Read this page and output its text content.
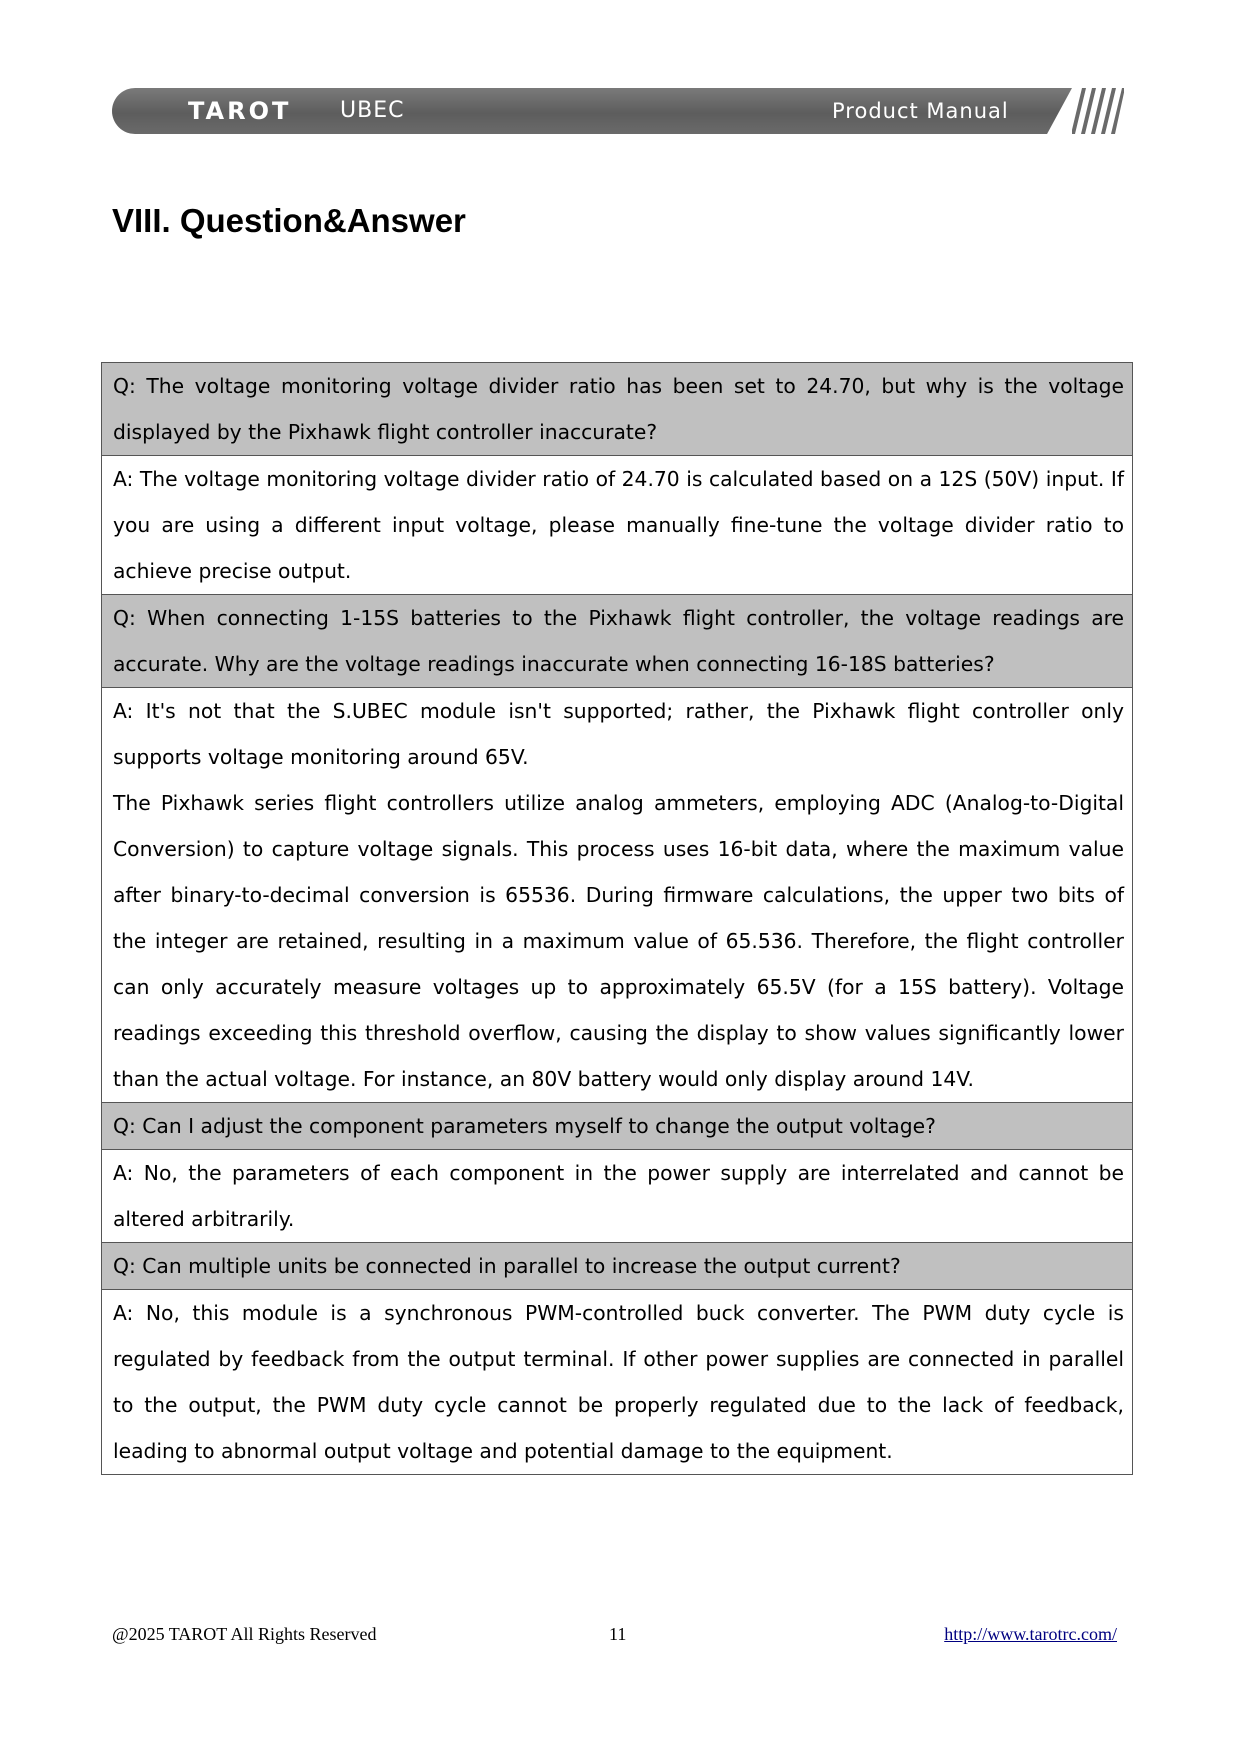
TAROT UBEC	Product Manual
VIII. Question&Answer
Q: The voltage monitoring voltage divider ratio has been set to 24.70, but why is the voltage displayed by the Pixhawk flight controller inaccurate?

A: The voltage monitoring voltage divider ratio of 24.70 is calculated based on a 12S (50V) input. If you are using a different input voltage, please manually fine-tune the voltage divider ratio to achieve precise output.

Q: When connecting 1-15S batteries to the Pixhawk flight controller, the voltage readings are accurate. Why are the voltage readings inaccurate when connecting 16-18S batteries?

A: It's not that the S.UBEC module isn't supported; rather, the Pixhawk flight controller only supports voltage monitoring around 65V.

The Pixhawk series flight controllers utilize analog ammeters, employing ADC (Analog-to-Digital Conversion) to capture voltage signals. This process uses 16-bit data, where the maximum value after binary-to-decimal conversion is 65536. During firmware calculations, the upper two bits of the integer are retained, resulting in a maximum value of 65.536. Therefore, the flight controller can only accurately measure voltages up to approximately 65.5V (for a 15S battery). Voltage readings exceeding this threshold overflow, causing the display to show values significantly lower than the actual voltage. For instance, an 80V battery would only display around 14V.

Q: Can I adjust the component parameters myself to change the output voltage?

A: No, the parameters of each component in the power supply are interrelated and cannot be altered arbitrarily.

Q: Can multiple units be connected in parallel to increase the output current?

A: No, this module is a synchronous PWM-controlled buck converter. The PWM duty cycle is regulated by feedback from the output terminal. If other power supplies are connected in parallel to the output, the PWM duty cycle cannot be properly regulated due to the lack of feedback, leading to abnormal output voltage and potential damage to the equipment.

@2025 TAROT All Rights Reserved	11	http://www.tarotrc.com/
